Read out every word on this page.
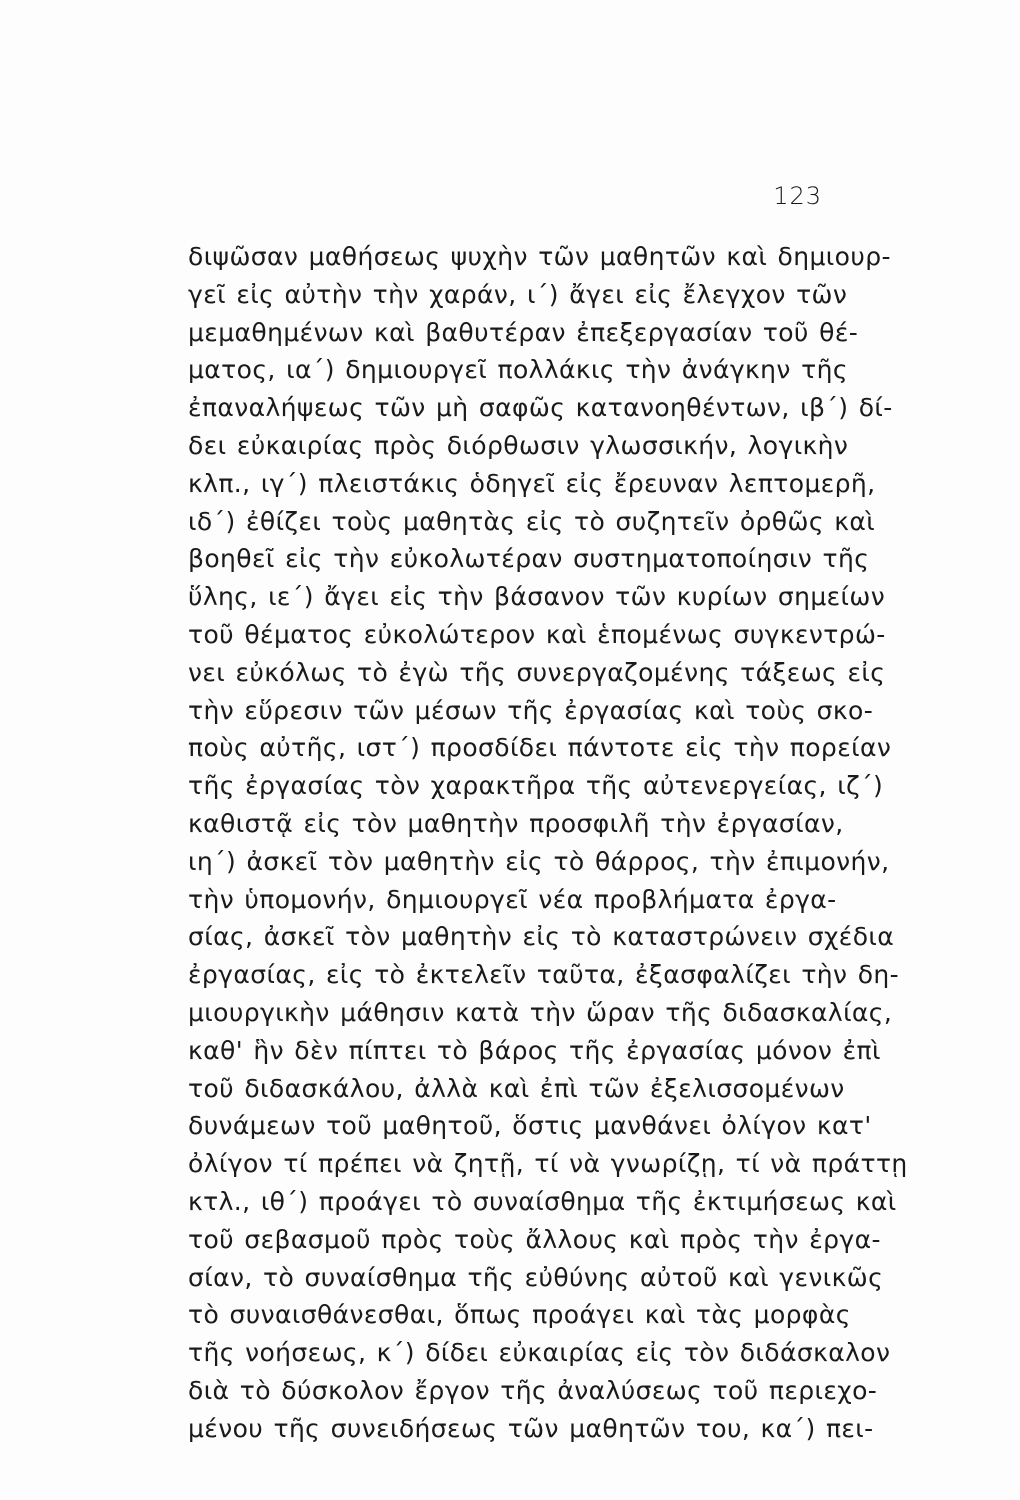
123
διψῶσαν μαθήσεως ψυχὴν τῶν μαθητῶν καὶ δημιουρ-
γεῖ εἰς αὐτὴν τὴν χαράν, ι΄) ἄγει εἰς ἔλεγχον τῶν
μεμαθημένων καὶ βαθυτέραν ἐπεξεργασίαν τοῦ θέ-
ματος, ια΄) δημιουργεῖ πολλάκις τὴν ἀνάγκην τῆς
ἐπαναλήψεως τῶν μὴ σαφῶς κατανοηθέντων, ιβ΄) δί-
δει εὐκαιρίας πρὸς διόρθωσιν γλωσσικήν, λογικὴν
κλπ., ιγ΄) πλειστάκις ὁδηγεῖ εἰς ἔρευναν λεπτομερῆ,
ιδ΄) ἐθίζει τοὺς μαθητὰς εἰς τὸ συζητεῖν ὀρθῶς καὶ
βοηθεῖ εἰς τὴν εὐκολωτέραν συστηματοποίησιν τῆς
ὕλης, ιε΄) ἄγει εἰς τὴν βάσανον τῶν κυρίων σημείων
τοῦ θέματος εὐκολώτερον καὶ ἑπομένως συγκεντρώ-
νει εὐκόλως τὸ ἐγὼ τῆς συνεργαζομένης τάξεως εἰς
τὴν εὕρεσιν τῶν μέσων τῆς ἐργασίας καὶ τοὺς σκο-
ποὺς αὐτῆς, ιστ΄) προσδίδει πάντοτε εἰς τὴν πορείαν
τῆς ἐργασίας τὸν χαρακτῆρα τῆς αὐτενεργείας, ιζ΄)
καθιστᾷ εἰς τὸν μαθητὴν προσφιλῆ τὴν ἐργασίαν,
ιη΄) ἀσκεῖ τὸν μαθητὴν εἰς τὸ θάρρος, τὴν ἐπιμονήν,
τὴν ὑπομονήν, δημιουργεῖ νέα προβλήματα ἐργα-
σίας, ἀσκεῖ τὸν μαθητὴν εἰς τὸ καταστρώνειν σχέδια
ἐργασίας, εἰς τὸ ἐκτελεῖν ταῦτα, ἐξασφαλίζει τὴν δη-
μιουργικὴν μάθησιν κατὰ τὴν ὥραν τῆς διδασκαλίας,
καθ' ἣν δὲν πίπτει τὸ βάρος τῆς ἐργασίας μόνον ἐπὶ
τοῦ διδασκάλου, ἀλλὰ καὶ ἐπὶ τῶν ἐξελισσομένων
δυνάμεων τοῦ μαθητοῦ, ὅστις μανθάνει ὀλίγον κατ'
ὀλίγον τί πρέπει νὰ ζητῇ, τί νὰ γνωρίζῃ, τί νὰ πράττῃ
κτλ., ιθ΄) προάγει τὸ συναίσθημα τῆς ἐκτιμήσεως καὶ
τοῦ σεβασμοῦ πρὸς τοὺς ἄλλους καὶ πρὸς τὴν ἐργα-
σίαν, τὸ συναίσθημα τῆς εὐθύνης αὐτοῦ καὶ γενικῶς
τὸ συναισθάνεσθαι, ὅπως προάγει καὶ τὰς μορφὰς
τῆς νοήσεως, κ΄) δίδει εὐκαιρίας εἰς τὸν διδάσκαλον
διὰ τὸ δύσκολον ἔργον τῆς ἀναλύσεως τοῦ περιεχο-
μένου τῆς συνειδήσεως τῶν μαθητῶν του, κα΄) πει-
